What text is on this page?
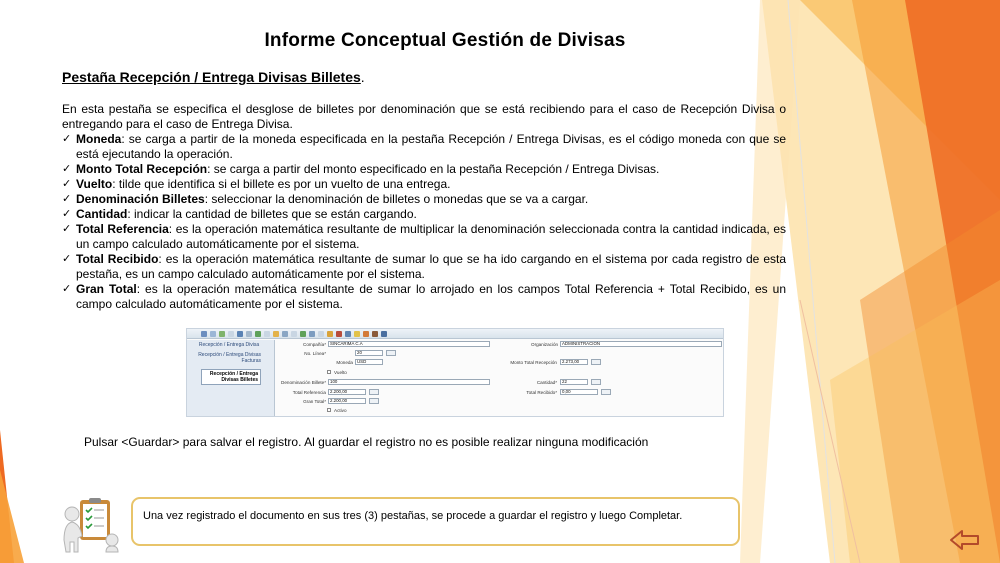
Informe Conceptual Gestión de Divisas
Pestaña Recepción / Entrega Divisas Billetes.
En esta pestaña se especifica el desglose de billetes por denominación que se está recibiendo para el caso de Recepción Divisa o entregando para el caso de Entrega Divisa.
✓ Moneda: se carga a partir de la moneda especificada en la pestaña Recepción / Entrega Divisas, es el código moneda con que se está ejecutando la operación.
✓ Monto Total Recepción: se carga a partir del monto especificado en la pestaña Recepción / Entrega Divisas.
✓ Vuelto: tilde que identifica si el billete es por un vuelto de una entrega.
✓ Denominación Billetes: seleccionar la denominación de billetes o monedas que se va a cargar.
✓ Cantidad: indicar la cantidad de billetes que se están cargando.
✓ Total Referencia: es la operación matemática resultante de multiplicar la denominación seleccionada contra la cantidad indicada, es un campo calculado automáticamente por el sistema.
✓ Total Recibido: es la operación matemática resultante de sumar lo que se ha ido cargando en el sistema por cada registro de esta pestaña, es un campo calculado automáticamente por el sistema.
✓ Gran Total: es la operación matemática resultante de sumar lo arrojado en los campos Total Referencia + Total Recibido, es un campo calculado automáticamente por el sistema.
Recepción / Entrega Divisa
Recepción / Entrega Divisas Facturas
Recepción / Entrega Divisas Billetes
Compañía* SINCARIMA C.A	Organización ADMINISTRACION
No. Línea*	20
Moneda USD	Monto Total Recepción	2.273,00
Vuelto
Denominación Billete* 100	Cantidad*	22
Total Referencia 2.200,00	Total Recibido*	0,00
Gran Total* 2.200,00
Activo
Pulsar <Guardar> para salvar el registro. Al guardar el registro no es posible realizar ninguna modificación
Una vez registrado el documento en sus tres (3) pestañas, se procede a guardar el registro y luego Completar.
